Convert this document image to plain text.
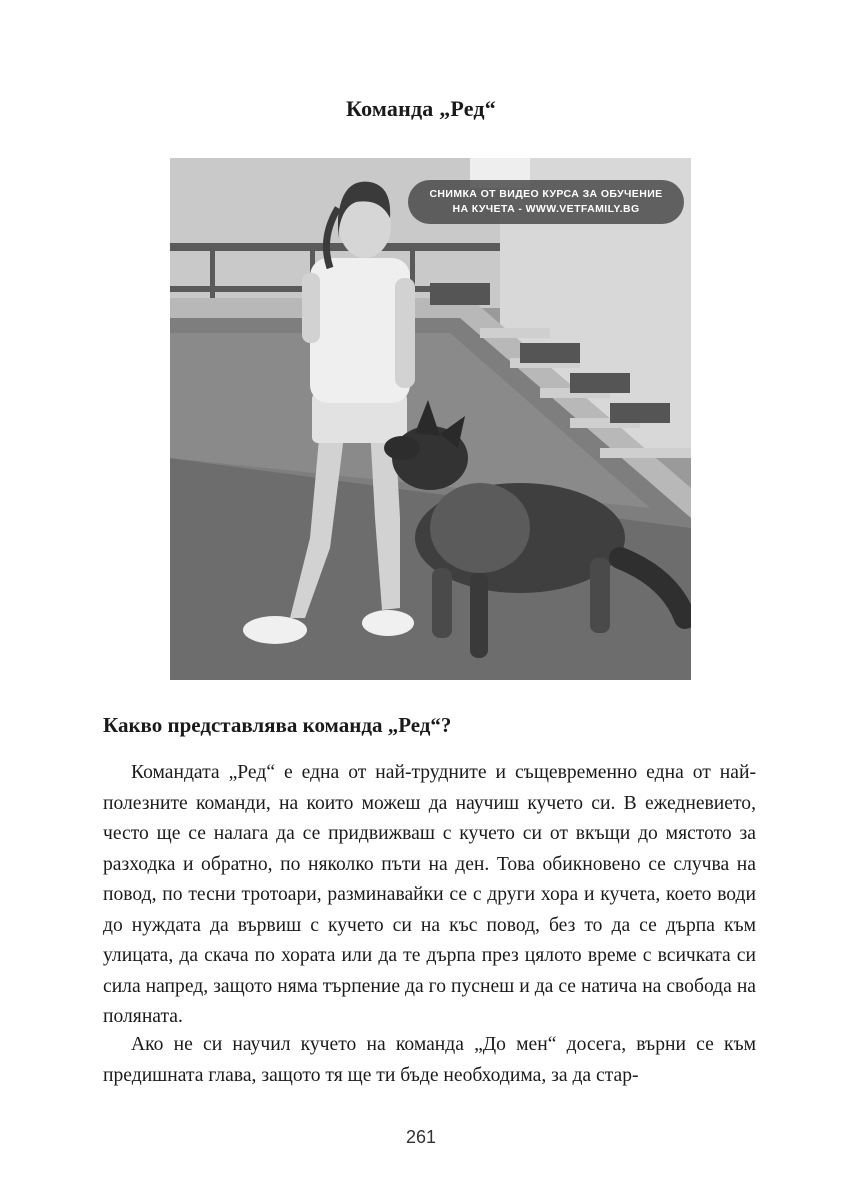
Команда „Ред“
СНИМКА ОТ ВИДЕО КУРСА ЗА ОБУЧЕНИЕ
НА КУЧЕТА - WWW.VETFAMILY.BG
Какво представлява команда „Ред“?

Командата „Ред“ е една от най-трудните и същевременно една от най-полезните команди, на които можеш да научиш кучето си. В ежедневието, често ще се налага да се придвижваш с кучето си от вкъщи до мястото за разходка и обратно, по няколко пъти на ден. Това обикновено се случва на повод, по тесни тротоари, разминавайки се с други хора и кучета, което води до нуждата да вървиш с кучето си на къс повод, без то да се дърпа към улицата, да скача по хората или да те дърпа през цялото време с всичката си сила напред, защото няма търпение да го пуснеш и да се натича на свобода на поляната.

Ако не си научил кучето на команда „До мен“ досега, върни се към предишната глава, защото тя ще ти бъде необходима, за да стар-

261
